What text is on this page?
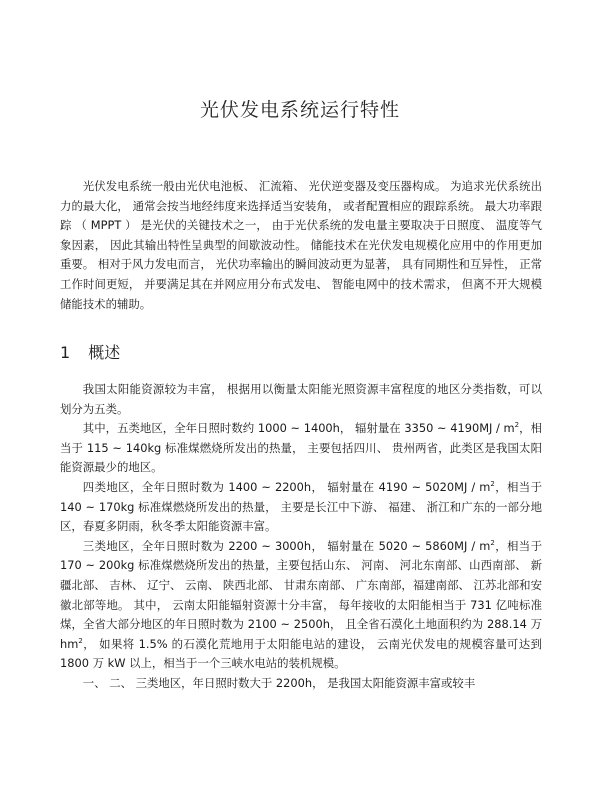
光伏发电系统运行特性

光伏发电系统一般由光伏电池板、 汇流箱、 光伏逆变器及变压器构成。 为追求光伏系统出力的最大化， 通常会按当地经纬度来选择适当安装角， 或者配置相应的跟踪系统。 最大功率跟踪 （ MPPT ） 是光伏的关键技术之一， 由于光伏系统的发电量主要取决于日照度、 温度等气象因素， 因此其输出特性呈典型的间歇波动性。 储能技术在光伏发电规模化应用中的作用更加重要。 相对于风力发电而言， 光伏功率输出的瞬间波动更为显著， 具有同期性和互异性， 正常工作时间更短， 并要满足其在并网应用分布式发电、 智能电网中的技术需求， 但离不开大规模储能技术的辅助。

1 概述

我国太阳能资源较为丰富， 根据用以衡量太阳能光照资源丰富程度的地区分类指数，可以划分为五类。

其中，五类地区，全年日照时数约 1000 ~ 1400h， 辐射量在 3350 ~ $4190MJ / m^2$，相当于 115 ~ 140kg 标准煤燃烧所发出的热量， 主要包括四川、 贵州两省，此类区是我国太阳能资源最少的地区。

四类地区，全年日照时数为 1400 ~ 2200h， 辐射量在 4190 ~ $5020MJ / m^2$，相当于 140 ~ 170kg 标准煤燃烧所发出的热量， 主要是长江中下游、 福建、 浙江和广东的一部分地区，春夏多阴雨，秋冬季太阳能资源丰富。

三类地区，全年日照时数为 2200 ~ 3000h， 辐射量在 5020 ~ $5860MJ / m^2$，相当于 170 ~ 200kg 标准煤燃烧所发出的热量，主要包括山东、 河南、 河北东南部、山西南部、 新疆北部、 吉林、 辽宁、 云南、 陕西北部、 甘肃东南部、 广东南部，福建南部、 江苏北部和安徽北部等地。 其中， 云南太阳能辐射资源十分丰富， 每年接收的太阳能相当于 731 亿吨标准煤，全省大部分地区的年日照时数为 2100 ~ 2500h， 且全省石漠化土地面积约为 288.14 万 $hm^2$， 如果将 1.5% 的石漠化荒地用于太阳能电站的建设， 云南光伏发电的规模容量可达到 1800 万 kW 以上，相当于一个三峡水电站的装机规模。

一、 二、 三类地区，年日照时数大于 2200h， 是我国太阳能资源丰富或较丰
